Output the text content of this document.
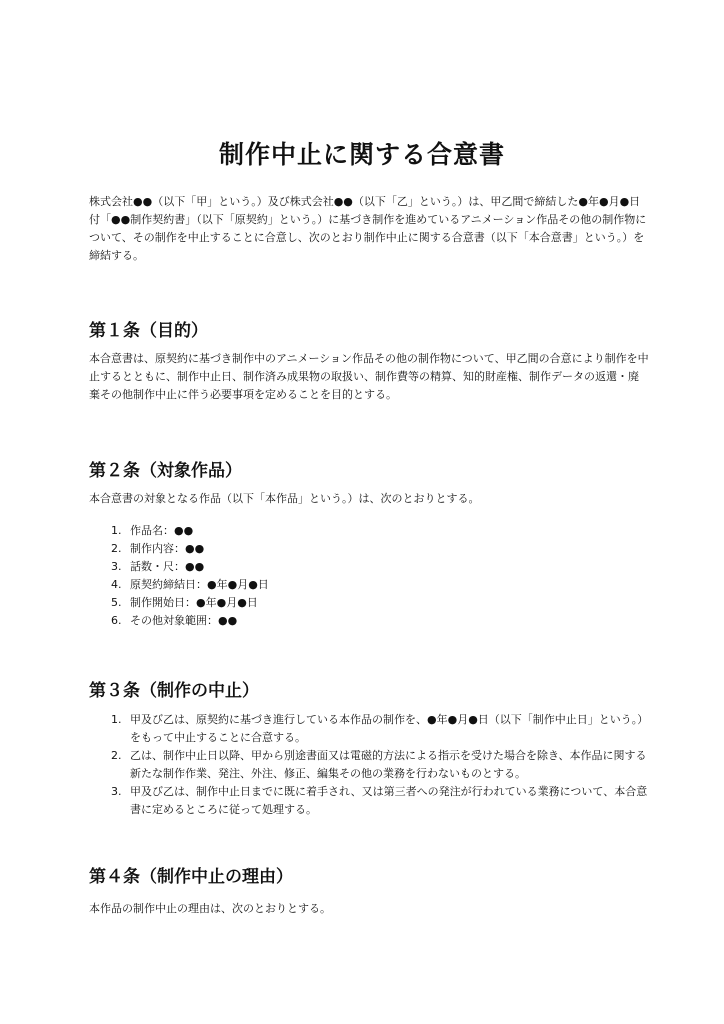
制作中止に関する合意書

株式会社●●（以下「甲」という。）及び株式会社●●（以下「乙」という。）は、甲乙間で締結した●年●月●日付「●●制作契約書」（以下「原契約」という。）に基づき制作を進めているアニメーション作品その他の制作物について、その制作を中止することに合意し、次のとおり制作中止に関する合意書（以下「本合意書」という。）を締結する。

第１条（目的）

本合意書は、原契約に基づき制作中のアニメーション作品その他の制作物について、甲乙間の合意により制作を中止するとともに、制作中止日、制作済み成果物の取扱い、制作費等の精算、知的財産権、制作データの返還・廃棄その他制作中止に伴う必要事項を定めることを目的とする。

第２条（対象作品）

本合意書の対象となる作品（以下「本作品」という。）は、次のとおりとする。

1. 作品名：●●
2. 制作内容：●●
3. 話数・尺：●●
4. 原契約締結日：●年●月●日
5. 制作開始日：●年●月●日
6. その他対象範囲：●●
第３条（制作の中止）
1. 甲及び乙は、原契約に基づき進行している本作品の制作を、●年●月●日（以下「制作中止日」という。）をもって中止することに合意する。
2. 乙は、制作中止日以降、甲から別途書面又は電磁的方法による指示を受けた場合を除き、本作品に関する新たな制作作業、発注、外注、修正、編集その他の業務を行わないものとする。
3. 甲及び乙は、制作中止日までに既に着手され、又は第三者への発注が行われている業務について、本合意書に定めるところに従って処理する。
第４条（制作中止の理由）

本作品の制作中止の理由は、次のとおりとする。
